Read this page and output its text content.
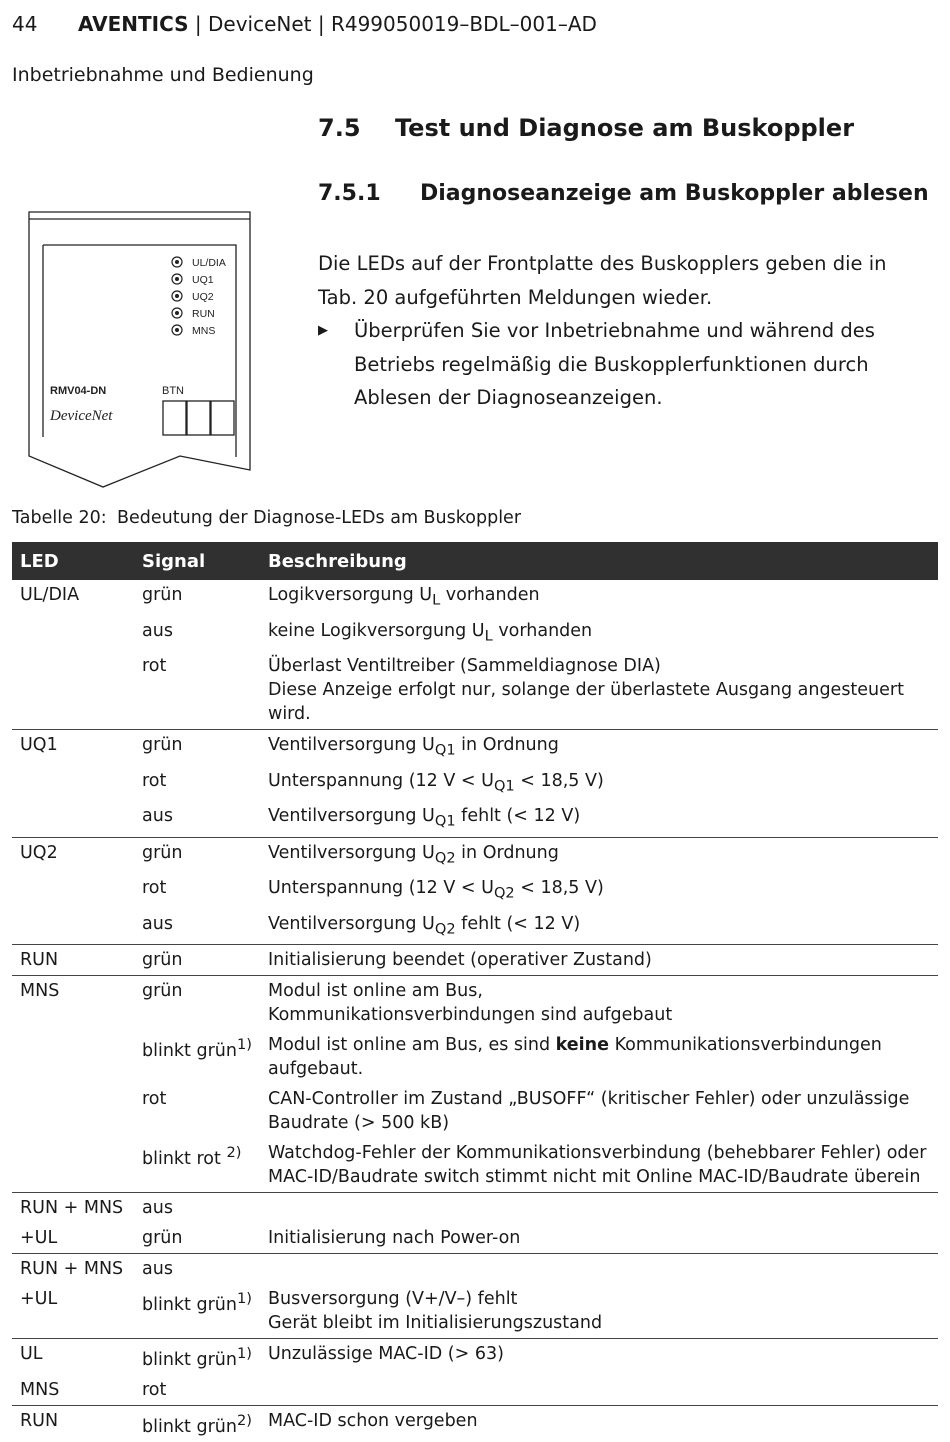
44 AVENTICS | DeviceNet | R499050019–BDL–001–AD
Inbetriebnahme und Bedienung
7.5 Test und Diagnose am Buskoppler
7.5.1 Diagnoseanzeige am Buskoppler ablesen
Die LEDs auf der Frontplatte des Buskopplers geben die in Tab. 20 aufgeführten Meldungen wieder.
▶ Überprüfen Sie vor Inbetriebnahme und während des Betriebs regelmäßig die Buskopplerfunktionen durch Ablesen der Diagnoseanzeigen.
UL/DIA
UQ1
UQ2
RUN
MNS
RMV04-DN	BTN
DeviceNet
Tabelle 20: Bedeutung der Diagnose-LEDs am Buskoppler
LED	Signal	Beschreibung
UL/DIA	grün	Logikversorgung $U_L$ vorhanden
	aus	keine Logikversorgung $U_L$ vorhanden
	rot	Überlast Ventiltreiber (Sammeldiagnose DIA)
Diese Anzeige erfolgt nur, solange der überlastete Ausgang angesteuert wird.

UQ1	grün	Ventilversorgung $U_{Q1}$ in Ordnung
	rot	Unterspannung (12 $V < U_{Q1} < 18,5$ V)
	aus	Ventilversorgung $U_{Q1}$ fehlt (< 12 V)
UQ2	grün	Ventilversorgung $U_{Q2}$ in Ordnung
	rot	Unterspannung (12 $V < U_{Q2} < 18,5$ V)
	aus	Ventilversorgung $U_{Q2}$ fehlt (< 12 V)
RUN	grün	Initialisierung beendet (operativer Zustand)
MNS	grün	Modul ist online am Bus,
Kommunikationsverbindungen sind aufgebaut

	blinkt grün$^{1)}$	Modul ist online am Bus, es sind keine Kommunikationsverbindungen
aufgebaut.

	rot	CAN-Controller im Zustand „BUSOFF“ (kritischer Fehler) oder unzulässige
Baudrate (> 500 kB)

	blinkt rot $^{2)}$	Watchdog-Fehler der Kommunikationsverbindung (behebbarer Fehler) oder
MAC-ID/Baudrate switch stimmt nicht mit Online MAC-ID/Baudrate überein

RUN + MNS	aus	
+UL	grün	Initialisierung nach Power-on
RUN + MNS	aus	
+UL	blinkt grün$^{1)}$	Busversorgung (V+/V–) fehlt
Gerät bleibt im Initialisierungszustand

UL	blinkt grün$^{1)}$	Unzulässige MAC-ID (> 63)
MNS	rot	
RUN	blinkt grün$^{2)}$	MAC-ID schon vergeben
